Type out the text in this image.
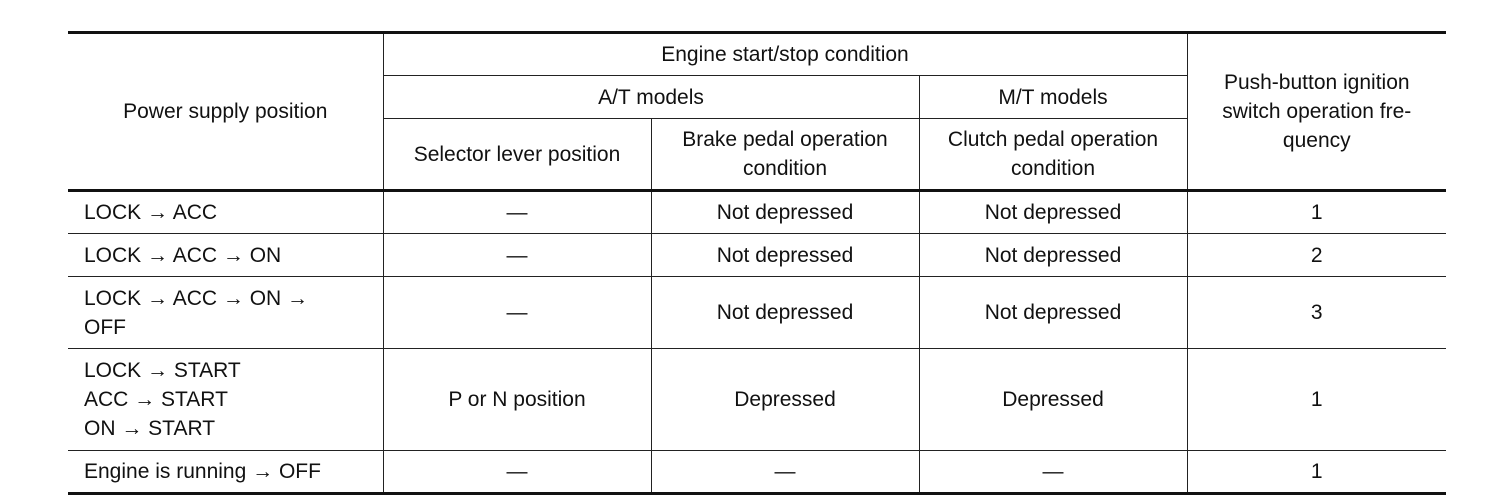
Power supply position	Engine start/stop condition			Push-button ignition switch operation fre-quency
	A/T models		M/T models	
	Selector lever position	Brake pedal operation condition	Clutch pedal operation condition	

LOCK → ACC	—	Not depressed	Not depressed	1

LOCK → ACC → ON	—	Not depressed	Not depressed	2

LOCK → ACC → ON →
OFF	—	Not depressed	Not depressed	3

LOCK → START
ACC → START
ON → START	P or N position	Depressed	Depressed	1

Engine is running → OFF	—	—	—	1
